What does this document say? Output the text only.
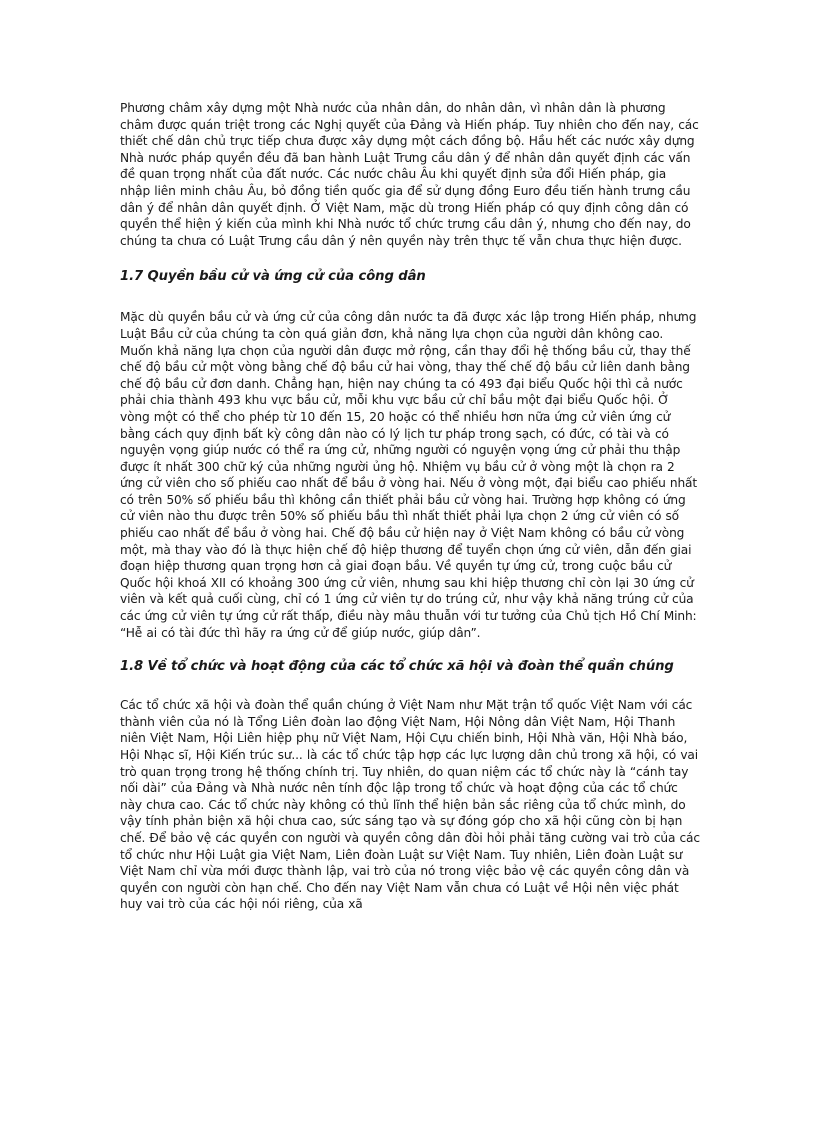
Phương châm xây dựng một Nhà nước của nhân dân, do nhân dân, vì nhân dân là phương châm được quán triệt trong các Nghị quyết của Đảng và Hiến pháp. Tuy nhiên cho đến nay, các thiết chế dân chủ trực tiếp chưa được xây dựng một cách đồng bộ. Hầu hết các nước xây dựng Nhà nước pháp quyền đều đã ban hành Luật Trưng cầu dân ý để nhân dân quyết định các vấn đề quan trọng nhất của đất nước. Các nước châu Âu khi quyết định sửa đổi Hiến pháp, gia nhập liên minh châu Âu, bỏ đồng tiền quốc gia để sử dụng đồng Euro đều tiến hành trưng cầu dân ý để nhân dân quyết định. Ở Việt Nam, mặc dù trong Hiến pháp có quy định công dân có quyền thể hiện ý kiến của mình khi Nhà nước tổ chức trưng cầu dân ý, nhưng cho đến nay, do chúng ta chưa có Luật Trưng cầu dân ý nên quyền này trên thực tế vẫn chưa thực hiện được.

1.7 Quyền bầu cử và ứng cử của công dân

Mặc dù quyền bầu cử và ứng cử của công dân nước ta đã được xác lập trong Hiến pháp, nhưng Luật Bầu cử của chúng ta còn quá giản đơn, khả năng lựa chọn của người dân không cao. Muốn khả năng lựa chọn của người dân được mở rộng, cần thay đổi hệ thống bầu cử, thay thế chế độ bầu cử một vòng bằng chế độ bầu cử hai vòng, thay thế chế độ bầu cử liên danh bằng chế độ bầu cử đơn danh. Chẳng hạn, hiện nay chúng ta có 493 đại biểu Quốc hội thì cả nước phải chia thành 493 khu vực bầu cử, mỗi khu vực bầu cử chỉ bầu một đại biểu Quốc hội. Ở vòng một có thể cho phép từ 10 đến 15, 20 hoặc có thể nhiều hơn nữa ứng cử viên ứng cử bằng cách quy định bất kỳ công dân nào có lý lịch tư pháp trong sạch, có đức, có tài và có nguyện vọng giúp nước có thể ra ứng cử, những người có nguyện vọng ứng cử phải thu thập được ít nhất 300 chữ ký của những người ủng hộ. Nhiệm vụ bầu cử ở vòng một là chọn ra 2 ứng cử viên cho số phiếu cao nhất để bầu ở vòng hai. Nếu ở vòng một, đại biểu cao phiếu nhất có trên 50% số phiếu bầu thì không cần thiết phải bầu cử vòng hai. Trường hợp không có ứng cử viên nào thu được trên 50% số phiếu bầu thì nhất thiết phải lựa chọn 2 ứng cử viên có số phiếu cao nhất để bầu ở vòng hai. Chế độ bầu cử hiện nay ở Việt Nam không có bầu cử vòng một, mà thay vào đó là thực hiện chế độ hiệp thương để tuyển chọn ứng cử viên, dẫn đến giai đoạn hiệp thương quan trọng hơn cả giai đoạn bầu. Về quyền tự ứng cử, trong cuộc bầu cử Quốc hội khoá XII có khoảng 300 ứng cử viên, nhưng sau khi hiệp thương chỉ còn lại 30 ứng cử viên và kết quả cuối cùng, chỉ có 1 ứng cử viên tự do trúng cử, như vậy khả năng trúng cử của các ứng cử viên tự ứng cử rất thấp, điều này mâu thuẫn với tư tưởng của Chủ tịch Hồ Chí Minh: “Hễ ai có tài đức thì hãy ra ứng cử để giúp nước, giúp dân”.

1.8 Về tổ chức và hoạt động của các tổ chức xã hội và đoàn thể quần chúng

Các tổ chức xã hội và đoàn thể quần chúng ở Việt Nam như Mặt trận tổ quốc Việt Nam với các thành viên của nó là Tổng Liên đoàn lao động Việt Nam, Hội Nông dân Việt Nam, Hội Thanh niên Việt Nam, Hội Liên hiệp phụ nữ Việt Nam, Hội Cựu chiến binh, Hội Nhà văn, Hội Nhà báo, Hội Nhạc sĩ, Hội Kiến trúc sư... là các tổ chức tập hợp các lực lượng dân chủ trong xã hội, có vai trò quan trọng trong hệ thống chính trị. Tuy nhiên, do quan niệm các tổ chức này là “cánh tay nối dài” của Đảng và Nhà nước nên tính độc lập trong tổ chức và hoạt động của các tổ chức này chưa cao. Các tổ chức này không có thủ lĩnh thể hiện bản sắc riêng của tổ chức mình, do vậy tính phản biện xã hội chưa cao, sức sáng tạo và sự đóng góp cho xã hội cũng còn bị hạn chế. Để bảo vệ các quyền con người và quyền công dân đòi hỏi phải tăng cường vai trò của các tổ chức như Hội Luật gia Việt Nam, Liên đoàn Luật sư Việt Nam. Tuy nhiên, Liên đoàn Luật sư Việt Nam chỉ vừa mới được thành lập, vai trò của nó trong việc bảo vệ các quyền công dân và quyền con người còn hạn chế. Cho đến nay Việt Nam vẫn chưa có Luật về Hội nên việc phát huy vai trò của các hội nói riêng, của xã
